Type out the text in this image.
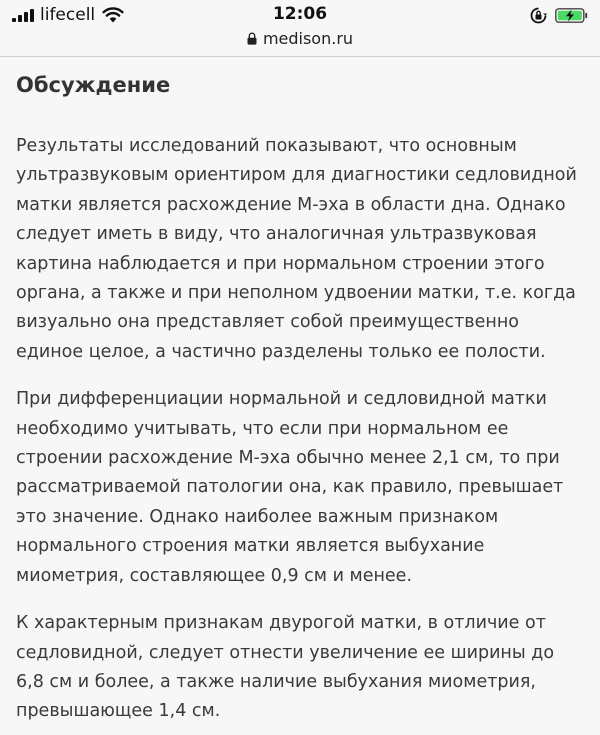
lifecell	12:06
medison.ru
Обсуждение

Результаты исследований показывают, что основным ультразвуковым ориентиром для диагностики седловидной матки является расхождение М-эха в области дна. Однако следует иметь в виду, что аналогичная ультразвуковая картина наблюдается и при нормальном строении этого органа, а также и при неполном удвоении матки, т.е. когда визуально она представляет собой преимущественно единое целое, а частично разделены только ее полости.

При дифференциации нормальной и седловидной матки необходимо учитывать, что если при нормальном ее строении расхождение М-эха обычно менее 2,1 см, то при рассматриваемой патологии она, как правило, превышает это значение. Однако наиболее важным признаком нормального строения матки является выбухание миометрия, составляющее 0,9 см и менее.

К характерным признакам двурогой матки, в отличие от седловидной, следует отнести увеличение ее ширины до 6,8 см и более, а также наличие выбухания миометрия, превышающее 1,4 см.
